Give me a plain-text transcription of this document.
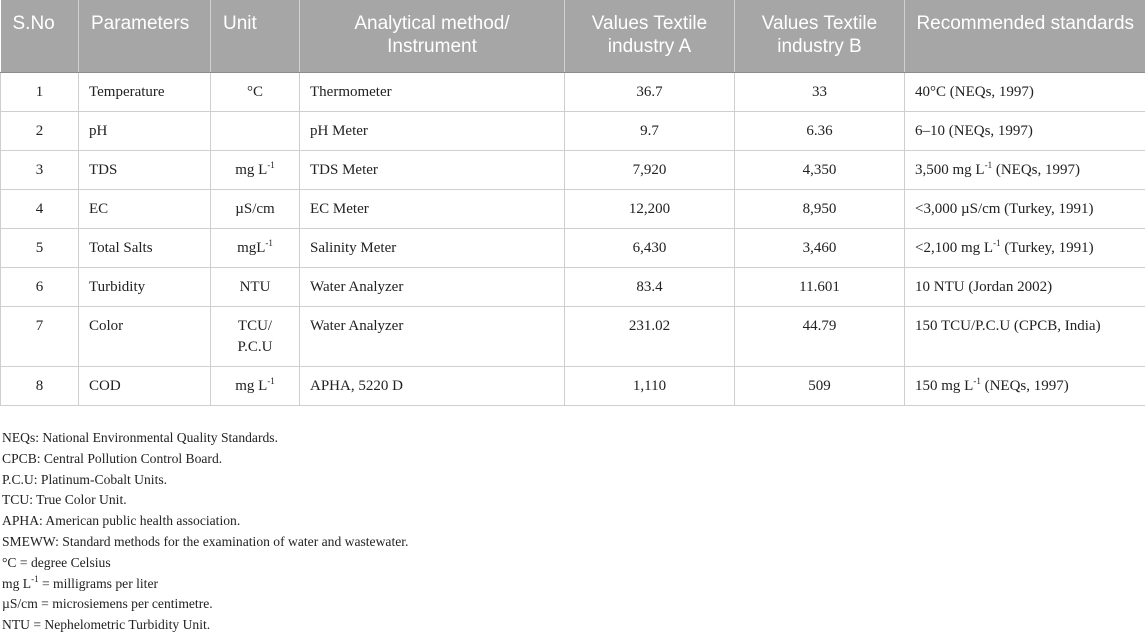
S.No	Parameters	Unit	Analytical method/ Instrument	Values Textile industry A	Values Textile industry B	Recommended standards
1	Temperature	°C	Thermometer	36.7	33	40°C (NEQs, 1997)
2	pH		pH Meter	9.7	6.36	6–10 (NEQs, 1997)
3	TDS	mg $L^{-1}$	TDS Meter	7,920	4,350	3,500 mg $L^{-1}$ (NEQs, 1997)
4	EC	µS/cm	EC Meter	12,200	8,950	<3,000 µS/cm (Turkey, 1991)
5	Total Salts	mgL$^{-1}$	Salinity Meter	6,430	3,460	<2,100 mg $L^{-1}$ (Turkey, 1991)
6	Turbidity	NTU	Water Analyzer	83.4	11.601	10 NTU (Jordan 2002)
7	Color	TCU/ P.C.U	Water Analyzer	231.02	44.79	150 TCU/P.C.U (CPCB, India)
8	COD	mg $L^{-1}$	APHA, 5220 D	1,110	509	150 mg $L^{-1}$ (NEQs, 1997)
NEQs: National Environmental Quality Standards.
CPCB: Central Pollution Control Board.
P.C.U: Platinum-Cobalt Units.
TCU: True Color Unit.
APHA: American public health association.
SMEWW: Standard methods for the examination of water and wastewater.
°C = degree Celsius
mg $L^{-1}$ = milligrams per liter
µS/cm = microsiemens per centimetre.
NTU = Nephelometric Turbidity Unit.
